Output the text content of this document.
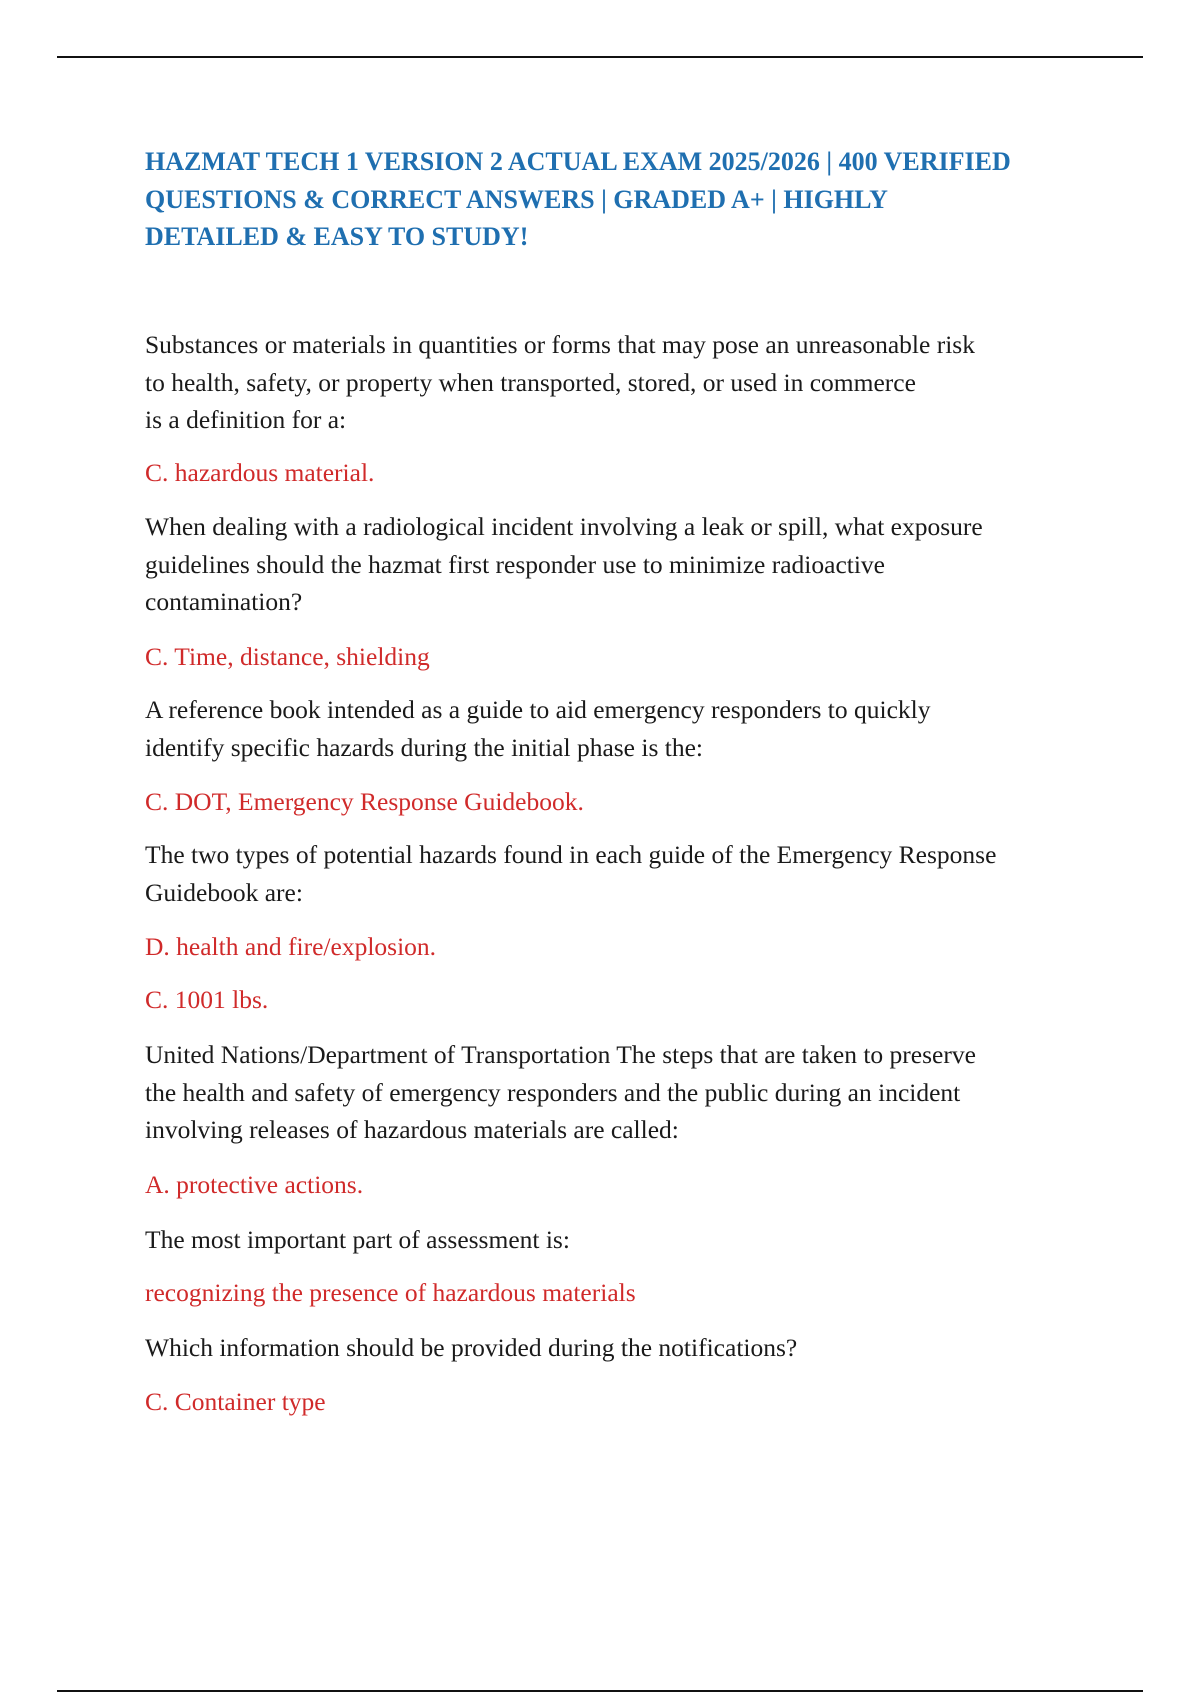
HAZMAT TECH 1 VERSION 2 ACTUAL EXAM 2025/2026 | 400 VERIFIED
QUESTIONS & CORRECT ANSWERS | GRADED A+ | HIGHLY
DETAILED & EASY TO STUDY!
Substances or materials in quantities or forms that may pose an unreasonable risk
to health, safety, or property when transported, stored, or used in commerce
is a definition for a:
C. hazardous material.
When dealing with a radiological incident involving a leak or spill, what exposure
guidelines should the hazmat first responder use to minimize radioactive
contamination?
C. Time, distance, shielding
A reference book intended as a guide to aid emergency responders to quickly
identify specific hazards during the initial phase is the:
C. DOT, Emergency Response Guidebook.
The two types of potential hazards found in each guide of the Emergency Response
Guidebook are:
D. health and fire/explosion.
C. 1001 lbs.
United Nations/Department of Transportation The steps that are taken to preserve
the health and safety of emergency responders and the public during an incident
involving releases of hazardous materials are called:
A. protective actions.
The most important part of assessment is:
recognizing the presence of hazardous materials
Which information should be provided during the notifications?
C. Container type
